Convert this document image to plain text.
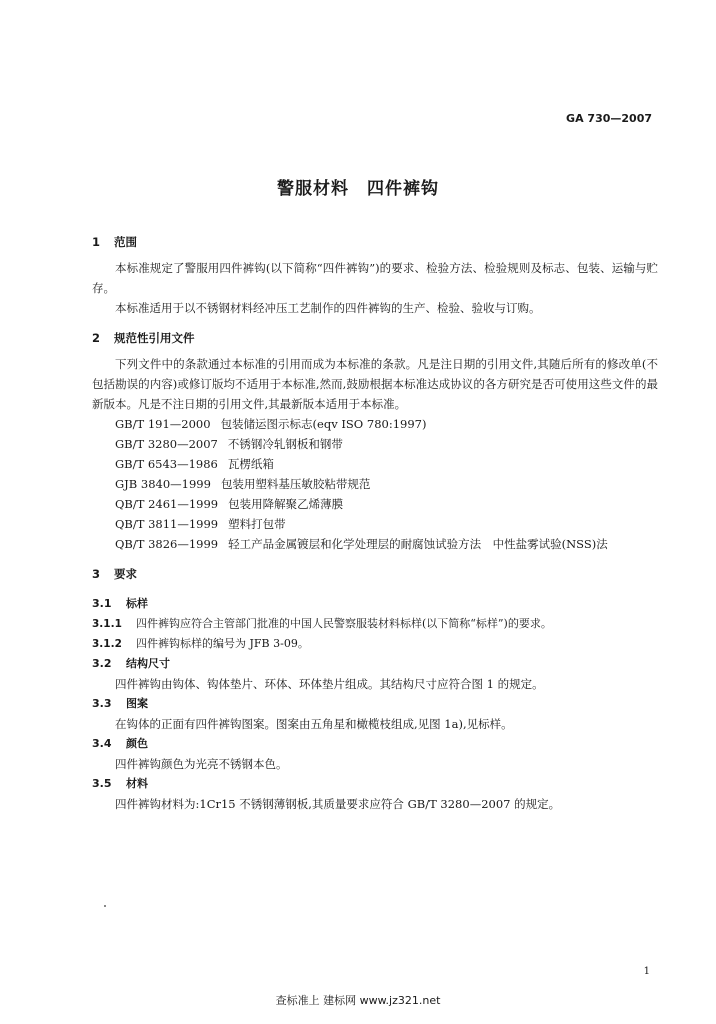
GA 730—2007
警服材料　四件裤钩
1 范围
本标准规定了警服用四件裤钩(以下简称“四件裤钩”)的要求、检验方法、检验规则及标志、包装、运输与贮存。
本标准适用于以不锈钢材料经冲压工艺制作的四件裤钩的生产、检验、验收与订购。
2 规范性引用文件
下列文件中的条款通过本标准的引用而成为本标准的条款。凡是注日期的引用文件,其随后所有的修改单(不包括勘误的内容)或修订版均不适用于本标准,然而,鼓励根据本标准达成协议的各方研究是否可使用这些文件的最新版本。凡是不注日期的引用文件,其最新版本适用于本标准。
GB/T 191—2000 包装储运图示标志(eqv ISO 780:1997)
GB/T 3280—2007 不锈钢冷轧钢板和钢带
GB/T 6543—1986 瓦楞纸箱
GJB 3840—1999 包装用塑料基压敏胶粘带规范
QB/T 2461—1999 包装用降解聚乙烯薄膜
QB/T 3811—1999 塑料打包带
QB/T 3826—1999 轻工产品金属镀层和化学处理层的耐腐蚀试验方法　中性盐雾试验(NSS)法
3 要求
3.1 标样
3.1.1 四件裤钩应符合主管部门批准的中国人民警察服装材料标样(以下简称“标样”)的要求。
3.1.2 四件裤钩标样的编号为 JFB 3-09。
3.2 结构尺寸
四件裤钩由钩体、钩体垫片、环体、环体垫片组成。其结构尺寸应符合图 1 的规定。
3.3 图案
在钩体的正面有四件裤钩图案。图案由五角星和橄榄枝组成,见图 1a),见标样。
3.4 颜色
四件裤钩颜色为光亮不锈钢本色。
3.5 材料
四件裤钩材料为:1Cr15 不锈钢薄钢板,其质量要求应符合 GB/T 3280—2007 的规定。
1
查标准上 建标网 www.jz321.net
